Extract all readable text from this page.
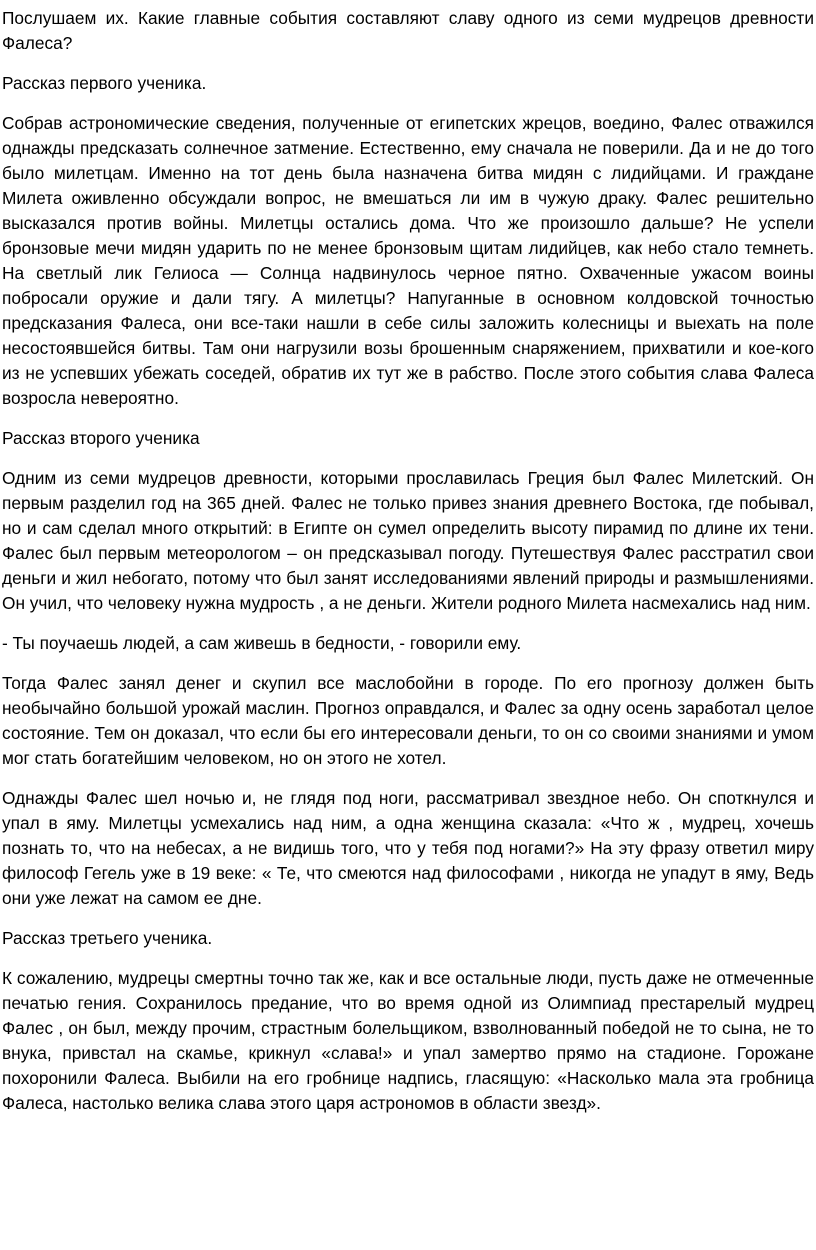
Послушаем их. Какие главные события составляют славу одного из семи мудрецов древности Фалеса?

Рассказ первого ученика.

Собрав астрономические сведения, полученные от египетских жрецов, воедино, Фалес отважился однажды предсказать солнечное затмение. Естественно, ему сначала не поверили. Да и не до того было милетцам. Именно на тот день была назначена битва мидян с лидийцами. И граждане Милета оживленно обсуждали вопрос, не вмешаться ли им в чужую драку. Фалес решительно высказался против войны. Милетцы остались дома. Что же произошло дальше? Не успели бронзовые мечи мидян ударить по не менее бронзовым щитам лидийцев, как небо стало темнеть. На светлый лик Гелиоса — Солнца надвинулось черное пятно. Охваченные ужасом воины побросали оружие и дали тягу. А милетцы? Напуганные в основном колдовской точностью предсказания Фалеса, они все-таки нашли в себе силы заложить колесницы и выехать на поле несостоявшейся битвы. Там они нагрузили возы брошенным снаряжением, прихватили и кое-кого из не успевших убежать соседей, обратив их тут же в рабство. После этого события слава Фалеса возросла невероятно.

Рассказ второго ученика

Одним из семи мудрецов древности, которыми прославилась Греция был Фалес Милетский. Он первым разделил год на 365 дней. Фалес не только привез знания древнего Востока, где побывал, но и сам сделал много открытий: в Египте он сумел определить высоту пирамид по длине их тени. Фалес был первым метеорологом – он предсказывал погоду. Путешествуя Фалес расстратил свои деньги и жил небогато, потому что был занят исследованиями явлений природы и размышлениями. Он учил, что человеку нужна мудрость , а не деньги. Жители родного Милета насмехались над ним.

- Ты поучаешь людей, а сам живешь в бедности, - говорили ему.

Тогда Фалес занял денег и скупил все маслобойни в городе. По его прогнозу должен быть необычайно большой урожай маслин. Прогноз оправдался, и Фалес за одну осень заработал целое состояние. Тем он доказал, что если бы его интересовали деньги, то он со своими знаниями и умом мог стать богатейшим человеком, но он этого не хотел.

Однажды Фалес шел ночью и, не глядя под ноги, рассматривал звездное небо. Он споткнулся и упал в яму. Милетцы усмехались над ним, а одна женщина сказала: «Что ж , мудрец, хочешь познать то, что на небесах, а не видишь того, что у тебя под ногами?» На эту фразу ответил миру философ Гегель уже в 19 веке: « Те, что смеются над философами , никогда не упадут в яму, Ведь они уже лежат на самом ее дне.

Рассказ третьего ученика.

К сожалению, мудрецы смертны точно так же, как и все остальные люди, пусть даже не отмеченные печатью гения. Сохранилось предание, что во время одной из Олимпиад престарелый мудрец Фалес , он был, между прочим, страстным болельщиком, взволнованный победой не то сына, не то внука, привстал на скамье, крикнул «слава!» и упал замертво прямо на стадионе. Горожане похоронили Фалеса. Выбили на его гробнице надпись, гласящую: «Насколько мала эта гробница Фалеса, настолько велика слава этого царя астрономов в области звезд».
